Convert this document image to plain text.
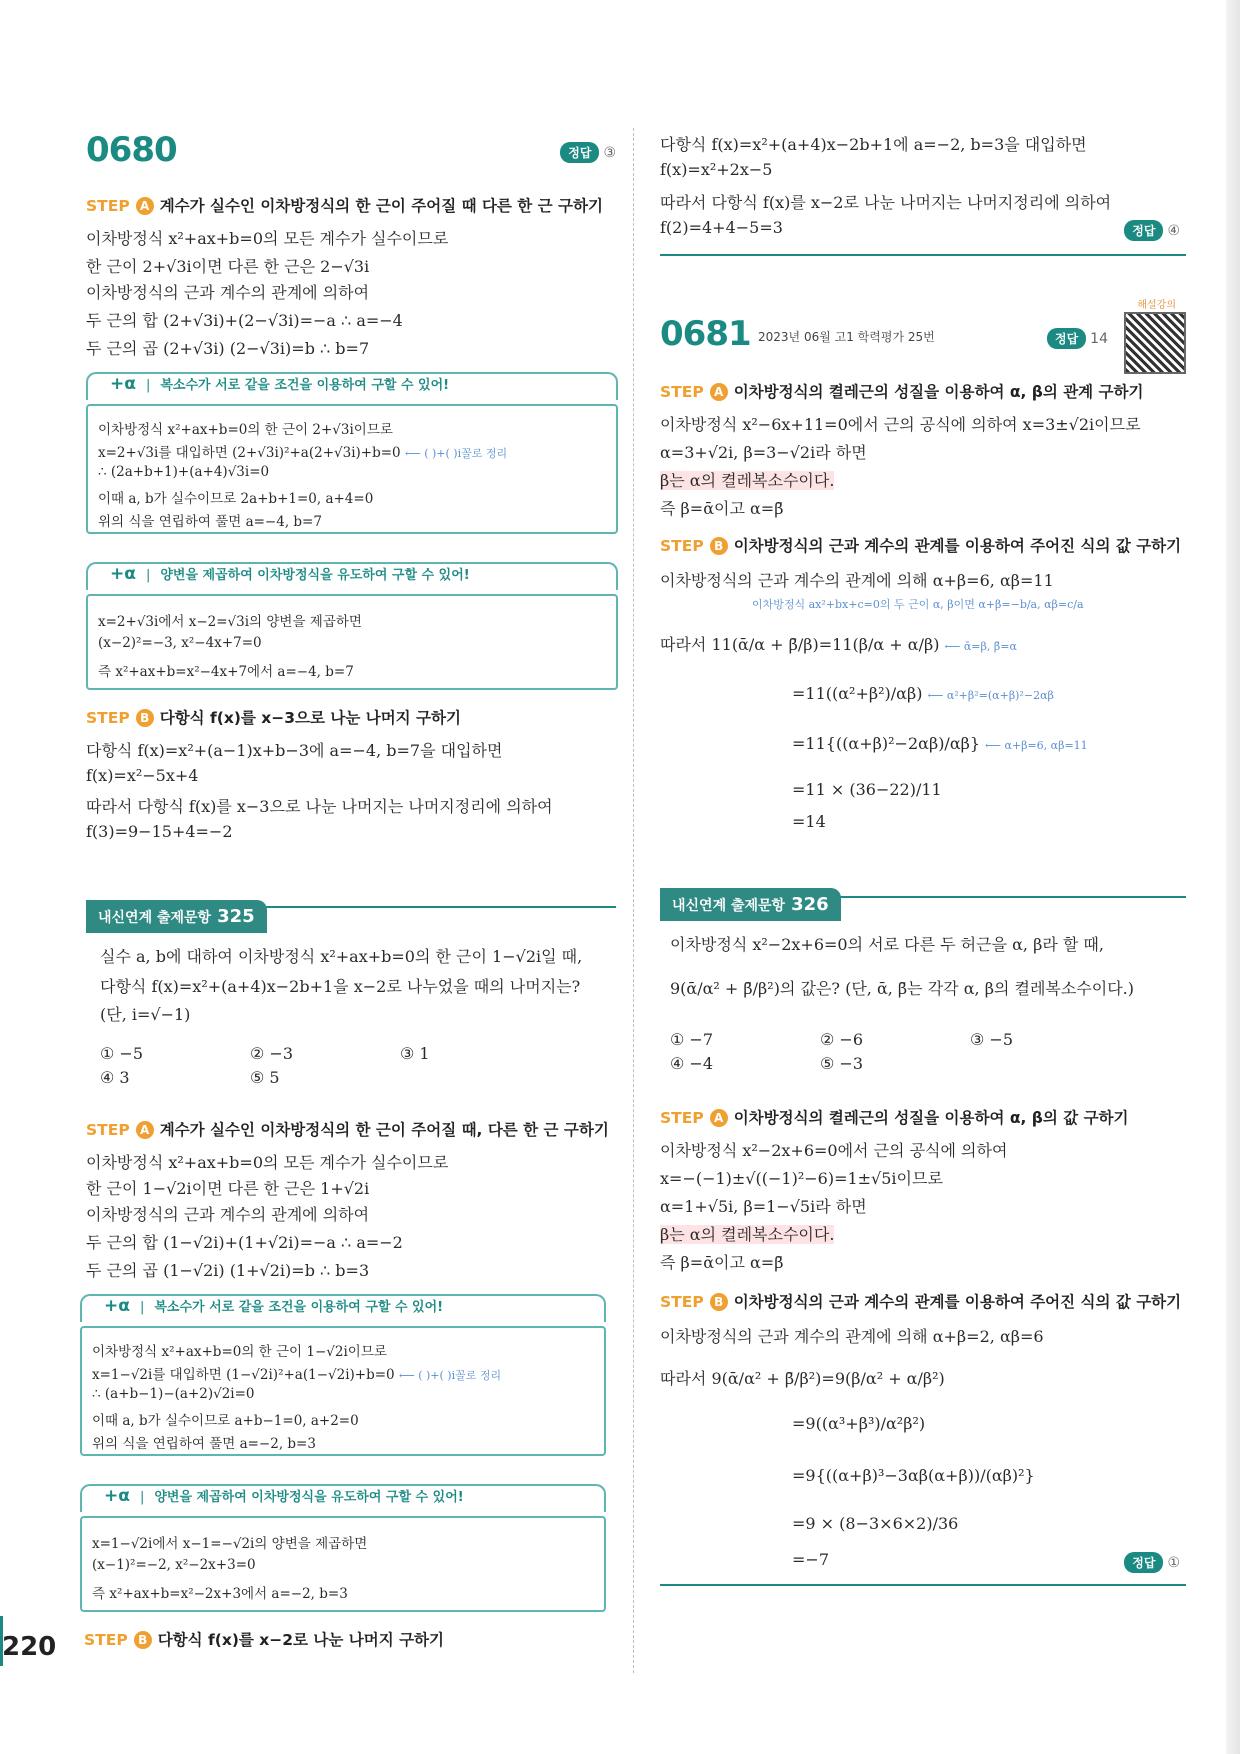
220
0680	정답 ③
STEP A 계수가 실수인 이차방정식의 한 근이 주어질 때 다른 한 근 구하기
이차방정식 x²+ax+b=0의 모든 계수가 실수이므로
한 근이 2+√3i이면 다른 한 근은 2−√3i
이차방정식의 근과 계수의 관계에 의하여
두 근의 합 (2+√3i)+(2−√3i)=−a ∴ a=−4
두 근의 곱 (2+√3i) (2−√3i)=b ∴ b=7
+α | 복소수가 서로 같을 조건을 이용하여 구할 수 있어!
이차방정식 x²+ax+b=0의 한 근이 2+√3i이므로
x=2+√3i를 대입하면 (2+√3i)²+a(2+√3i)+b=0 ⟵ ( )+( )i꼴로 정리
∴ (2a+b+1)+(a+4)√3i=0
이때 a, b가 실수이므로 2a+b+1=0, a+4=0
위의 식을 연립하여 풀면 a=−4, b=7
+α | 양변을 제곱하여 이차방정식을 유도하여 구할 수 있어!
x=2+√3i에서 x−2=√3i의 양변을 제곱하면
(x−2)²=−3, x²−4x+7=0
즉 x²+ax+b=x²−4x+7에서 a=−4, b=7
STEP B 다항식 f(x)를 x−3으로 나눈 나머지 구하기
다항식 f(x)=x²+(a−1)x+b−3에 a=−4, b=7을 대입하면
f(x)=x²−5x+4
따라서 다항식 f(x)를 x−3으로 나눈 나머지는 나머지정리에 의하여
f(3)=9−15+4=−2
내신연계 출제문항 325
실수 a, b에 대하여 이차방정식 x²+ax+b=0의 한 근이 1−√2i일 때,
다항식 f(x)=x²+(a+4)x−2b+1을 x−2로 나누었을 때의 나머지는?
(단, i=√−1)
① −5	② −3	③ 1
④ 3	⑤ 5
STEP A 계수가 실수인 이차방정식의 한 근이 주어질 때, 다른 한 근 구하기
이차방정식 x²+ax+b=0의 모든 계수가 실수이므로
한 근이 1−√2i이면 다른 한 근은 1+√2i
이차방정식의 근과 계수의 관계에 의하여
두 근의 합 (1−√2i)+(1+√2i)=−a ∴ a=−2
두 근의 곱 (1−√2i) (1+√2i)=b ∴ b=3
+α | 복소수가 서로 같을 조건을 이용하여 구할 수 있어!
이차방정식 x²+ax+b=0의 한 근이 1−√2i이므로
x=1−√2i를 대입하면 (1−√2i)²+a(1−√2i)+b=0 ⟵ ( )+( )i꼴로 정리
∴ (a+b−1)−(a+2)√2i=0
이때 a, b가 실수이므로 a+b−1=0, a+2=0
위의 식을 연립하여 풀면 a=−2, b=3
+α | 양변을 제곱하여 이차방정식을 유도하여 구할 수 있어!
x=1−√2i에서 x−1=−√2i의 양변을 제곱하면
(x−1)²=−2, x²−2x+3=0
즉 x²+ax+b=x²−2x+3에서 a=−2, b=3
STEP B 다항식 f(x)를 x−2로 나눈 나머지 구하기
다항식 f(x)=x²+(a+4)x−2b+1에 a=−2, b=3을 대입하면
f(x)=x²+2x−5
따라서 다항식 f(x)를 x−2로 나눈 나머지는 나머지정리에 의하여
f(2)=4+4−5=3	정답 ④
0681 2023년 06월 고1 학력평가 25번	정답 14
해설강의
STEP A 이차방정식의 켤레근의 성질을 이용하여 α, β의 관계 구하기
이차방정식 x²−6x+11=0에서 근의 공식에 의하여 x=3±√2i이므로
α=3+√2i, β=3−√2i라 하면
β는 α의 켤레복소수이다.
즉 β=ᾱ이고 α=β̄
STEP B 이차방정식의 근과 계수의 관계를 이용하여 주어진 식의 값 구하기
이차방정식의 근과 계수의 관계에 의해 α+β=6, αβ=11
이차방정식 ax²+bx+c=0의 두 근이 α, β이면 α+β=−b/a, αβ=c/a
따라서 11(ᾱ/α + β̄/β)=11(β/α + α/β) ⟵ ᾱ=β, β̄=α
=11((α²+β²)/αβ) ⟵ α²+β²=(α+β)²−2αβ
=11{((α+β)²−2αβ)/αβ} ⟵ α+β=6, αβ=11
=11 × (36−22)/11
=14
내신연계 출제문항 326
이차방정식 x²−2x+6=0의 서로 다른 두 허근을 α, β라 할 때,
9(ᾱ/α² + β̄/β²)의 값은? (단, ᾱ, β̄는 각각 α, β의 켤레복소수이다.)
① −7	② −6	③ −5
④ −4	⑤ −3
STEP A 이차방정식의 켤레근의 성질을 이용하여 α, β의 값 구하기
이차방정식 x²−2x+6=0에서 근의 공식에 의하여
x=−(−1)±√((−1)²−6)=1±√5i이므로
α=1+√5i, β=1−√5i라 하면
β는 α의 켤레복소수이다.
즉 β=ᾱ이고 α=β̄
STEP B 이차방정식의 근과 계수의 관계를 이용하여 주어진 식의 값 구하기
이차방정식의 근과 계수의 관계에 의해 α+β=2, αβ=6
따라서 9(ᾱ/α² + β̄/β²)=9(β/α² + α/β²)
=9((α³+β³)/α²β²)
=9{((α+β)³−3αβ(α+β))/(αβ)²}
=9 × (8−3×6×2)/36
=−7	정답 ①
